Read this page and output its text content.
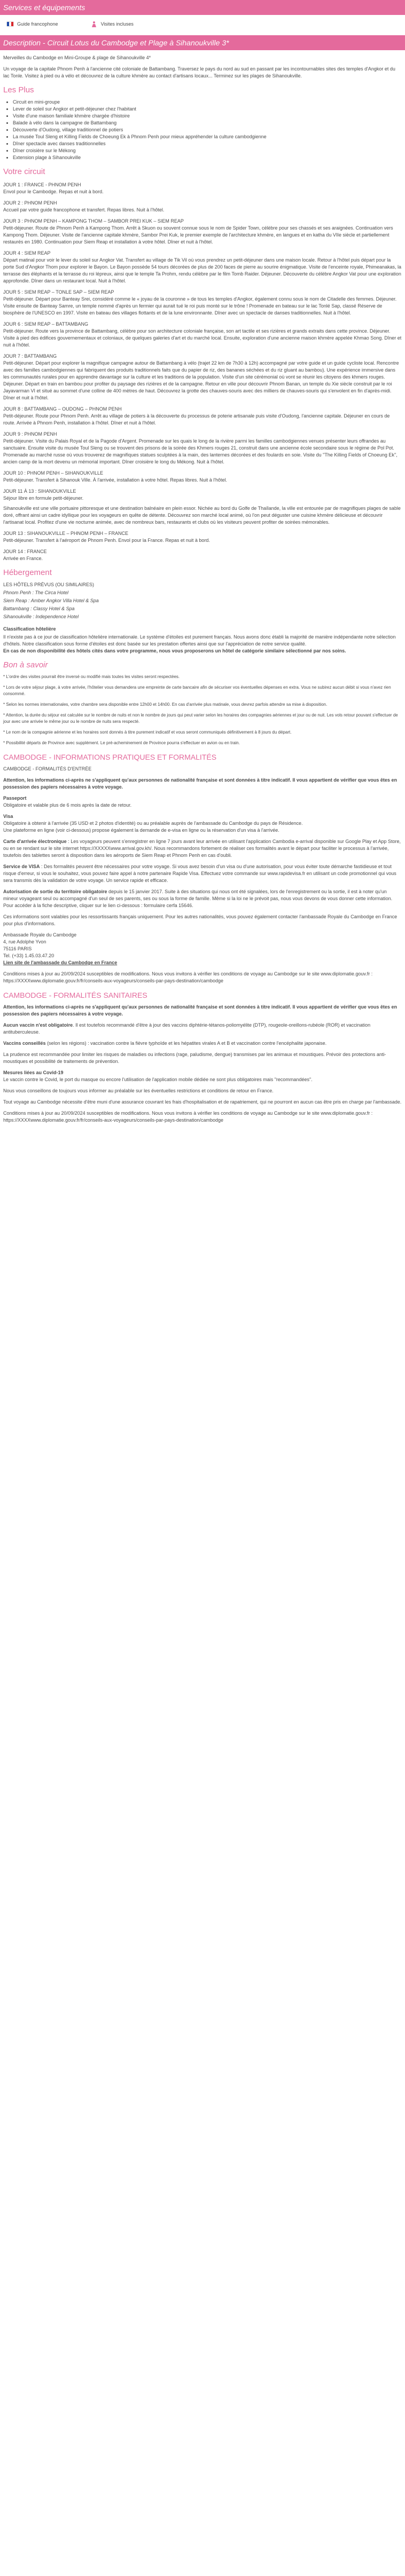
Services et équipements
Guide francophone	Visites incluses
Description - Circuit Lotus du Cambodge et Plage à Sihanoukville 3*

Merveilles du Cambodge en Mini-Groupe & plage de Sihanoukville 4*

Un voyage de la capitale Phnom Penh à l'ancienne cité coloniale de Battambang. Traversez le pays du nord au sud en passant par les incontournables sites des temples d'Angkor et du lac Tonle. Visitez à pied ou à vélo et découvrez de la culture khmère au contact d'artisans locaux... Terminez sur les plages de Sihanoukville.

Les Plus
• Circuit en mini-groupe
• Lever de soleil sur Angkor et petit-déjeuner chez l'habitant
• Visite d'une maison familiale khmère chargée d'histoire
• Balade à vélo dans la campagne de Battambang
• Découverte d'Oudong, village traditionnel de potiers
• La musée Toul Sleng et Killing Fields de Choeung Ek à Phnom Penh pour mieux appréhender la culture cambodgienne
• Dîner spectacle avec danses traditionnelles
• Dîner croisière sur le Mékong
• Extension plage à Sihanoukville
Votre circuit

JOUR 1 : FRANCE - PHNOM PENH

Envol pour le Cambodge. Repas et nuit à bord.

JOUR 2 : PHNOM PENH

Accueil par votre guide francophone et transfert. Repas libres. Nuit à l'hôtel.

JOUR 3 : PHNOM PENH – KAMPONG THOM – SAMBOR PREI KUK – SIEM REAP

Petit-déjeuner. Route de Phnom Penh à Kampong Thom. Arrêt à Skuon ou souvent connue sous le nom de Spider Town, célèbre pour ses chassés et ses araignées. Continuation vers Kampong Thom. Déjeuner. Visite de l'ancienne capitale khmère, Sambor Prei Kuk, le premier exemple de l'architecture khmère, en langues et en katha du VIIe siècle et partiellement restaurés en 1980. Continuation pour Siem Reap et installation à votre hôtel. Dîner et nuit à l'hôtel.

JOUR 4 : SIEM REAP

Départ matinal pour voir le lever du soleil sur Angkor Vat. Transfert au village de Tik Vil où vous prendrez un petit-déjeuner dans une maison locale. Retour à l'hôtel puis départ pour la porte Sud d'Angkor Thom pour explorer le Bayon. Le Bayon possède 54 tours décorées de plus de 200 faces de pierre au sourire énigmatique. Visite de l'enceinte royale, Phimeanakas, la terrasse des éléphants et la terrasse du roi lépreux, ainsi que le temple Ta Prohm, rendu célèbre par le film Tomb Raider. Déjeuner. Découverte du célèbre Angkor Vat pour une exploration approfondie. Dîner dans un restaurant local. Nuit à l'hôtel.

JOUR 5 : SIEM REAP – TONLE SAP – SIEM REAP

Petit-déjeuner. Départ pour Banteay Srei, considéré comme le « joyau de la couronne » de tous les temples d'Angkor, également connu sous le nom de Citadelle des femmes. Déjeuner. Visite ensuite de Banteay Samre, un temple nommé d'après un fermier qui aurait tué le roi puis monté sur le trône ! Promenade en bateau sur le lac Tonlé Sap, classé Réserve de biosphère de l'UNESCO en 1997. Visite en bateau des villages flottants et de la lune environnante. Dîner avec un spectacle de danses traditionnelles. Nuit à l'hôtel.

JOUR 6 : SIEM REAP – BATTAMBANG

Petit-déjeuner. Route vers la province de Battambang, célèbre pour son architecture coloniale française, son art tactile et ses rizières et grands extraits dans cette province. Déjeuner. Visite à pied des édifices gouvernementaux et coloniaux, de quelques galeries d'art et du marché local. Ensuite, exploration d'une ancienne maison khmère appelée Khmao Song. Dîner et nuit à l'hôtel.

JOUR 7 : BATTAMBANG

Petit-déjeuner. Départ pour explorer la magnifique campagne autour de Battambang à vélo (trajet 22 km de 7h30 à 12h) accompagné par votre guide et un guide cycliste local. Rencontre avec des familles cambodgiennes qui fabriquent des produits traditionnels faits que du papier de riz, des bananes séchées et du riz gluant au bambou). Une expérience immersive dans les communautés rurales pour en apprendre davantage sur la culture et les traditions de la population. Visite d'un site cérémonial où vont se réunir les citoyens des khmers rouges. Déjeuner. Départ en train en bambou pour profiter du paysage des rizières et de la campagne. Retour en ville pour découvrir Phnom Banan, un temple du Xie siècle construit par le roi Jayavarman VI et situé au sommet d'une colline de 400 mètres de haut. Découvrez la grotte des chauves-souris avec des milliers de chauves-souris qui s'envolent en fin d'après-midi. Dîner et nuit à l'hôtel.

JOUR 8 : BATTAMBANG – OUDONG – PHNOM PENH

Petit-déjeuner. Route pour Phnom Penh. Arrêt au village de potiers à la découverte du processus de poterie artisanale puis visite d'Oudong, l'ancienne capitale. Déjeuner en cours de route. Arrivée à Phnom Penh, installation à l'hôtel. Dîner et nuit à l'hôtel.

JOUR 9 : PHNOM PENH

Petit-déjeuner. Visite du Palais Royal et de la Pagode d'Argent. Promenade sur les quais le long de la rivière parmi les familles cambodgiennes venues présenter leurs offrandes au sanctuaire. Ensuite visite du musée Toul Sleng ou se trouvent des prisons de la soirée des Khmers rouges 21, construit dans une ancienne école secondaire sous le régime de Pol Pot. Promenade au marché russe où vous trouverez de magnifiques statues sculptées à la main, des lanternes décorées et des foulards en soie. Visite du "The Killing Fields of Choeung Ek", ancien camp de la mort devenu un mémorial important. Dîner croisière le long du Mékong. Nuit à l'hôtel.

JOUR 10 : PHNOM PENH – SIHANOUKVILLE

Petit-déjeuner. Transfert à Sihanouk Ville. À l'arrivée, installation à votre hôtel. Repas libres. Nuit à l'hôtel.

JOUR 11 À 13 : SIHANOUKVILLE

Séjour libre en formule petit-déjeuner.

Sihanoukville est une ville portuaire pittoresque et une destination balnéaire en plein essor. Nichée au bord du Golfe de Thaïlande, la ville est entourée par de magnifiques plages de sable doré, offrant ainsi un cadre idyllique pour les voyageurs en quête de détente. Découvrez son marché local animé, où l'on peut déguster une cuisine khmère délicieuse et découvrir l'artisanat local. Profitez d'une vie nocturne animée, avec de nombreux bars, restaurants et clubs où les visiteurs peuvent profiter de soirées mémorables.

JOUR 13 : SIHANOUKVILLE – PHNOM PENH – FRANCE

Petit-déjeuner. Transfert à l'aéroport de Phnom Penh. Envol pour la France. Repas et nuit à bord.

JOUR 14 : FRANCE

Arrivée en France.

Hébergement

LES HÔTELS PRÉVUS (OU SIMILAIRES)

Phnom Penh : The Circa Hotel

Siem Reap : Amber Angkor Villa Hotel & Spa

Battambang : Classy Hotel & Spa

Sihanoukville : Independence Hotel

Classification hôtelière

Il n'existe pas à ce jour de classification hôtelière internationale. Le système d'étoiles est purement français. Nous avons donc établi la majorité de manière indépendante notre sélection d'hôtels. Notre classification sous forme d'étoiles est donc basée sur les prestation offertes ainsi que sur l'appréciation de notre service qualité.

En cas de non disponibilité des hôtels cités dans votre programme, nous vous proposerons un hôtel de catégorie similaire sélectionné par nos soins.

Bon à savoir

* L'ordre des visites pourrait être inversé ou modifié mais toutes les visites seront respectées.

* Lors de votre séjour plage, à votre arrivée, l'hôtelier vous demandera une empreinte de carte bancaire afin de sécuriser vos éventuelles dépenses en extra. Vous ne subirez aucun débit si vous n'avez rien consommé.

* Selon les normes internationales, votre chambre sera disponible entre 12h00 et 14h00. En cas d'arrivée plus matinale, vous devrez parfois attendre sa mise à disposition.

* Attention, la durée du séjour est calculée sur le nombre de nuits et non le nombre de jours qui peut varier selon les horaires des compagnies aériennes et jour ou de nuit. Les vols retour pouvant s'effectuer de jour avec une arrivée le même jour ou le nombre de nuits sera respecté.

* Le nom de la compagnie aérienne et les horaires sont donnés à titre purement indicatif et vous seront communiqués définitivement à 8 jours du départ.

* Possibilité départs de Province avec supplément. Le pré-acheminement de Province pourra s'effectuer en avion ou en train.

CAMBODGE - INFORMATIONS PRATIQUES ET FORMALITÉS

CAMBODGE - FORMALITÉS D'ENTRÉE

Attention, les informations ci-après ne s'appliquent qu'aux personnes de nationalité française et sont données à titre indicatif. Il vous appartient de vérifier que vous êtes en possession des papiers nécessaires à votre voyage.

Passeport

Obligatoire et valable plus de 6 mois après la date de retour.

Visa

Obligatoire à obtenir à l'arrivée (35 USD et 2 photos d'identité) ou au préalable auprès de l'ambassade du Cambodge du pays de Résidence.

Une plateforme en ligne (voir ci-dessous) propose également la demande de e-visa en ligne ou la réservation d'un visa à l'arrivée.

Carte d'arrivée électronique : Les voyageurs peuvent s'enregistrer en ligne 7 jours avant leur arrivée en utilisant l'application Cambodia e-arrival disponible sur Google Play et App Store, ou en se rendant sur le site internet https://XXXXXwww.arrival.gov.kh/. Nous recommandons fortement de réaliser ces formalités avant le départ pour faciliter le processus à l'arrivée, toutefois des tablettes seront à disposition dans les aéroports de Siem Reap et Phnom Penh en cas d'oubli.

Service de VISA : Des formalités peuvent être nécessaires pour votre voyage. Si vous avez besoin d'un visa ou d'une autorisation, pour vous éviter toute démarche fastidieuse et tout risque d'erreur, si vous le souhaitez, vous pouvez faire appel à notre partenaire Rapide Visa. Effectuez votre commande sur www.rapidevisa.fr en utilisant un code promotionnel qui vous sera transmis dès la validation de votre voyage. Un service rapide et efficace.

Autorisation de sortie du territoire obligatoire depuis le 15 janvier 2017. Suite à des situations qui nous ont été signalées, lors de l'enregistrement ou la sortie, il est à noter qu'un mineur voyageant seul ou accompagné d'un seul de ses parents, ses ou sous la forme de famille. Même si la loi ne le prévoit pas, nous vous devons de vous donner cette information. Pour accéder à la fiche descriptive, cliquer sur le lien ci-dessous : formulaire cerfa 15646.

Ces informations sont valables pour les ressortissants français uniquement. Pour les autres nationalités, vous pouvez également contacter l'ambassade Royale du Cambodge en France pour plus d'informations.

Ambassade Royale du Cambodge

4, rue Adolphe Yvon

75116 PARIS

Tel. (+33) 1.45.03.47.20

Lien site de l'ambassade du Cambodge en France

Conditions mises à jour au 20/09/2024 susceptibles de modifications. Nous vous invitons à vérifier les conditions de voyage au Cambodge sur le site www.diplomatie.gouv.fr : https://XXXXwww.diplomatie.gouv.fr/fr/conseils-aux-voyageurs/conseils-par-pays-destination/cambodge

CAMBODGE - FORMALITÉS SANITAIRES

Attention, les informations ci-après ne s'appliquent qu'aux personnes de nationalité française et sont données à titre indicatif. Il vous appartient de vérifier que vous êtes en possession des papiers nécessaires à votre voyage.

Aucun vaccin n'est obligatoire. Il est toutefois recommandé d'être à jour des vaccins diphtérie-tétanos-poliomyélite (DTP), rougeole-oreillons-rubéole (ROR) et vaccination antituberculeuse.

Vaccins conseillés (selon les régions) : vaccination contre la fièvre typhoïde et les hépatites virales A et B et vaccination contre l'encéphalite japonaise.

La prudence est recommandée pour limiter les risques de maladies ou infections (rage, paludisme, dengue) transmises par les animaux et moustiques. Prévoir des protections anti-moustiques et possibilité de traitements de prévention.

Mesures liées au Covid-19

Le vaccin contre le Covid, le port du masque ou encore l'utilisation de l'application mobile dédiée ne sont plus obligatoires mais "recommandées".

Nous vous conseillons de toujours vous informer au préalable sur les éventuelles restrictions et conditions de retour en France.

Tout voyage au Cambodge nécessite d'être muni d'une assurance couvrant les frais d'hospitalisation et de rapatriement, qui ne pourront en aucun cas être pris en charge par l'ambassade.

Conditions mises à jour au 20/09/2024 susceptibles de modifications. Nous vous invitons à vérifier les conditions de voyage au Cambodge sur le site www.diplomatie.gouv.fr : https://XXXXwww.diplomatie.gouv.fr/fr/conseils-aux-voyageurs/conseils-par-pays-destination/cambodge
